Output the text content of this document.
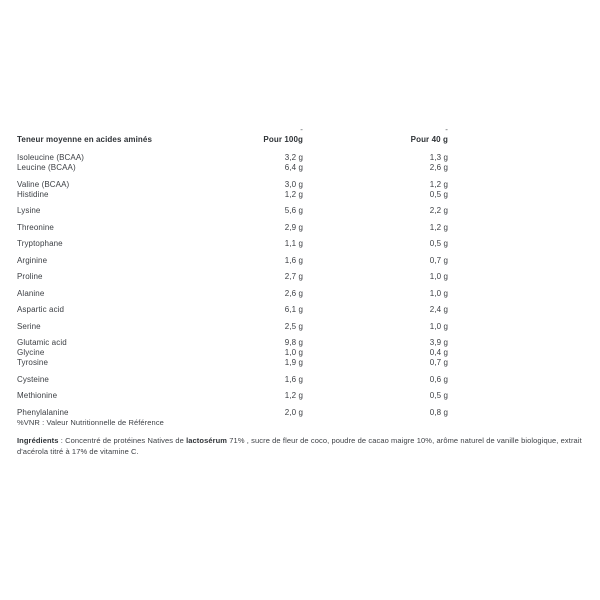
-	-
Teneur moyenne en acides aminés	Pour 100g	Pour 40 g
Isoleucine (BCAA)	3,2 g	1,3 g
Leucine (BCAA)	6,4 g	2,6 g
Valine (BCAA)	3,0 g	1,2 g
Histidine	1,2 g	0,5 g
Lysine	5,6 g	2,2 g
Threonine	2,9 g	1,2 g
Tryptophane	1,1 g	0,5 g
Arginine	1,6 g	0,7 g
Proline	2,7 g	1,0 g
Alanine	2,6 g	1,0 g
Aspartic acid	6,1 g	2,4 g
Serine	2,5 g	1,0 g
Glutamic acid	9,8 g	3,9 g
Glycine	1,0 g	0,4 g
Tyrosine	1,9 g	0,7 g
Cysteine	1,6 g	0,6 g
Methionine	1,2 g	0,5 g
Phenylalanine	2,0 g	0,8 g
%VNR : Valeur Nutritionnelle de Référence

Ingrédients : Concentré de protéines Natives de lactosérum 71% , sucre de fleur de coco, poudre de cacao maigre 10%, arôme naturel de vanille biologique, extrait
d'acérola titré à 17% de vitamine C.
